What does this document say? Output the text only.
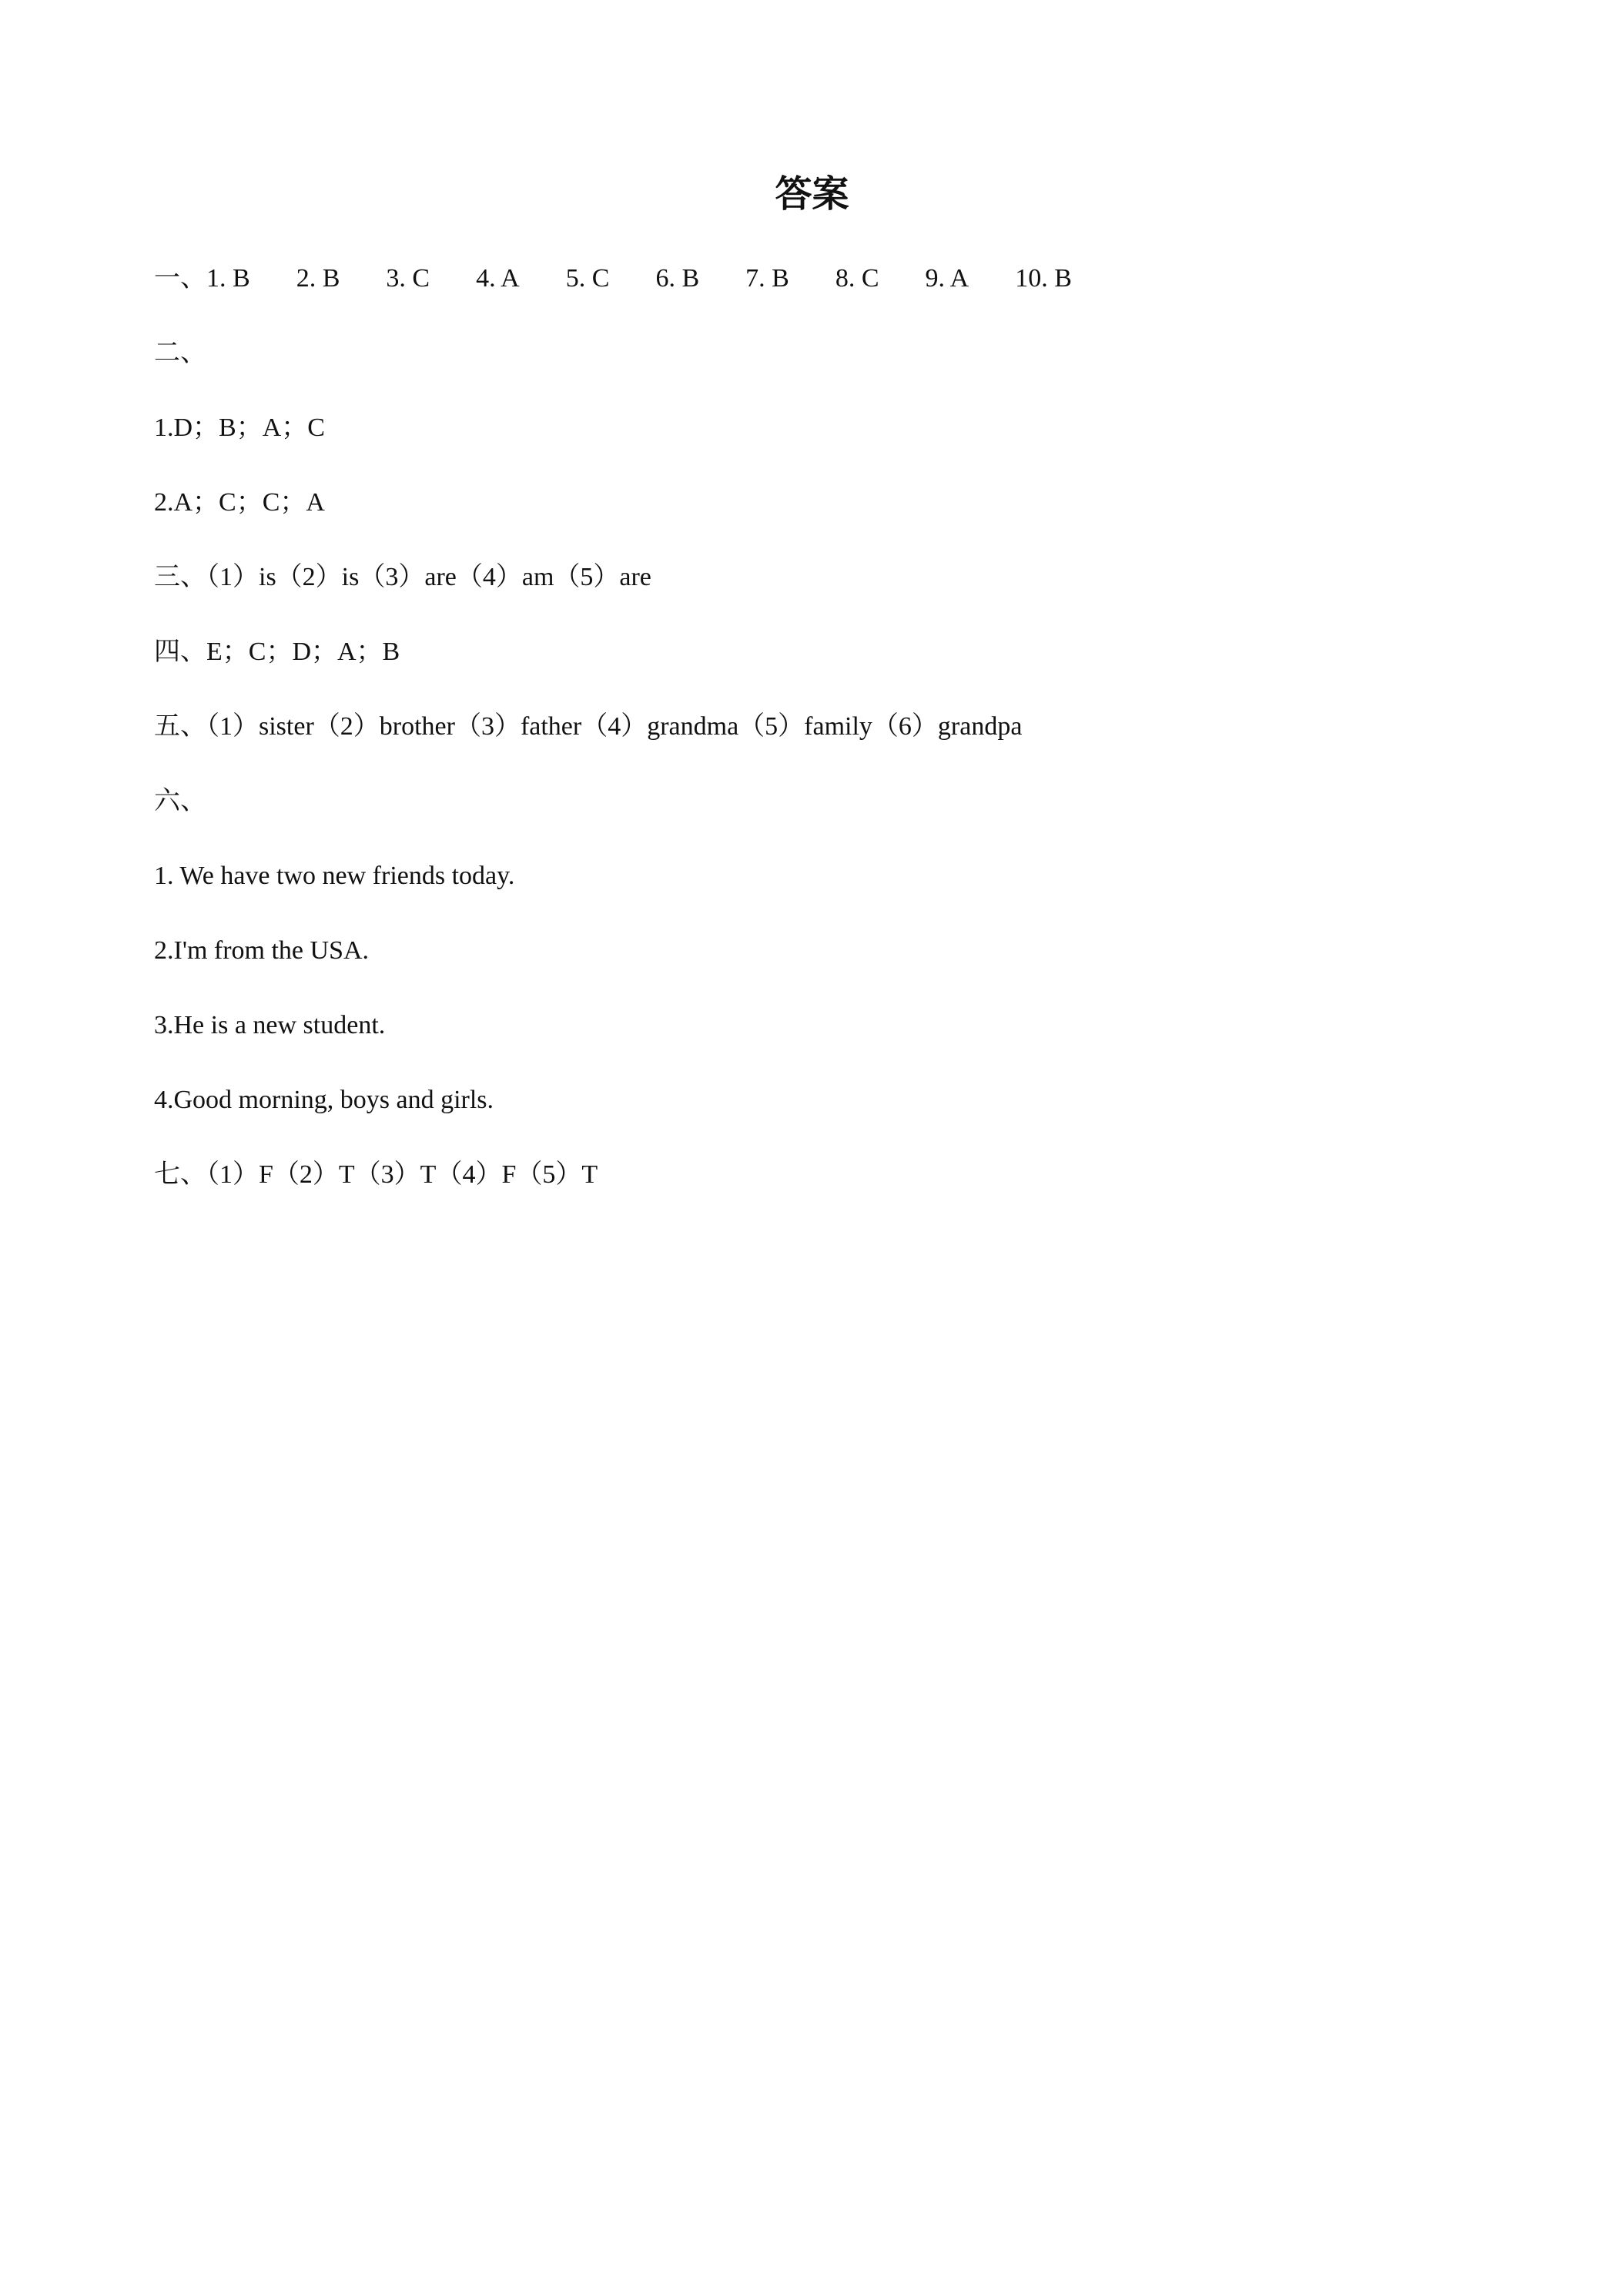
答案
一、 1. B 2. B 3. C 4. A 5. C 6. B 7. B 8. C 9. A 10. B
二、
1.D；B；A；C
2.A；C；C；A
三、（1）is（2）is（3）are（4）am（5）are
四、E；C；D；A；B
五、（1）sister（2）brother（3）father（4）grandma（5）family（6）grandpa
六、
1. We have two new friends today.
2.I'm from the USA.
3.He is a new student.
4.Good morning, boys and girls.
七、（1）F（2）T（3）T（4）F（5）T
